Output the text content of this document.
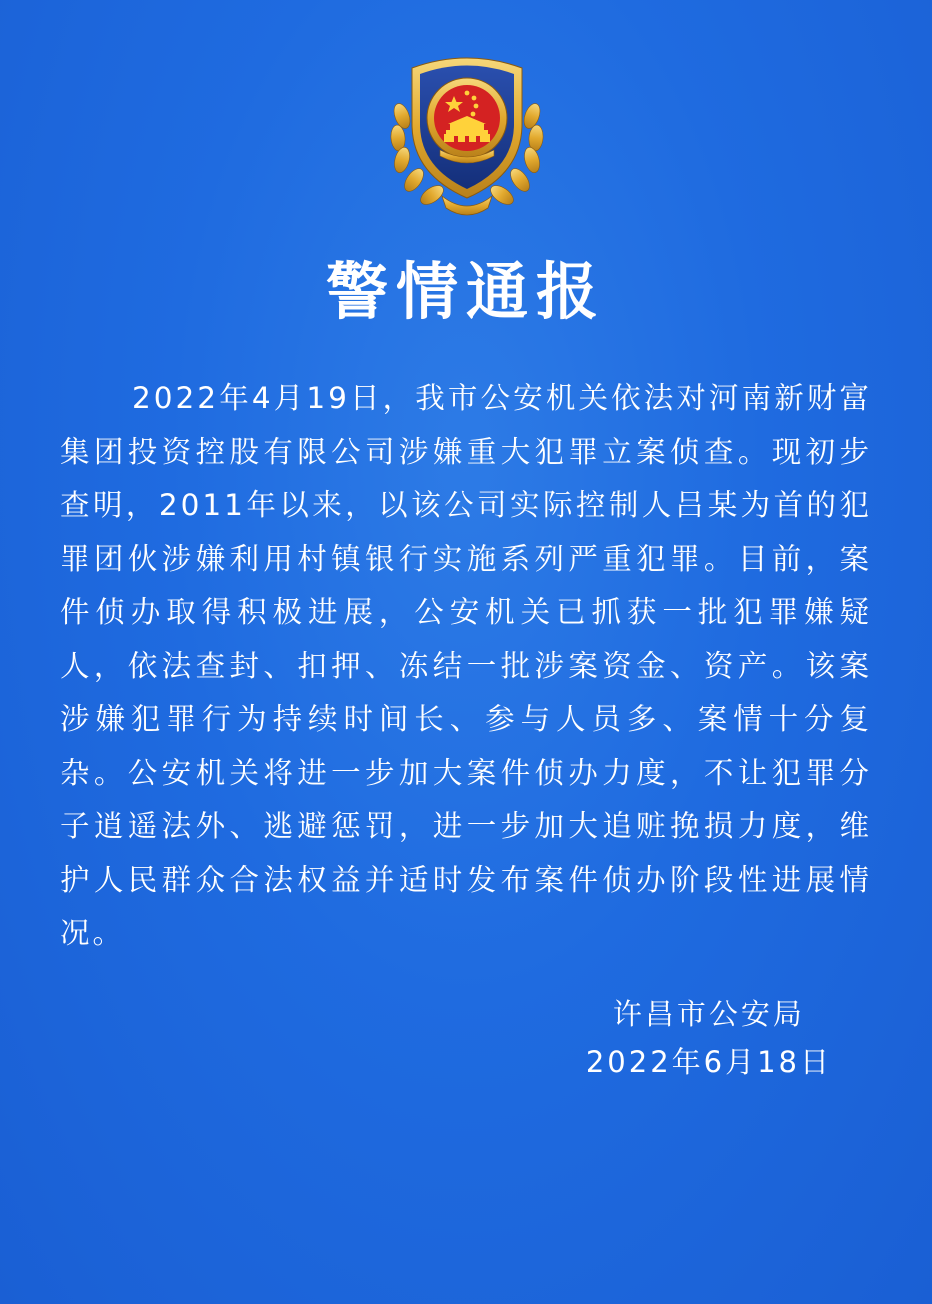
警情通报

2022年4月19日，我市公安机关依法对河南新财富集团投资控股有限公司涉嫌重大犯罪立案侦查。现初步查明，2011年以来，以该公司实际控制人吕某为首的犯罪团伙涉嫌利用村镇银行实施系列严重犯罪。目前，案件侦办取得积极进展，公安机关已抓获一批犯罪嫌疑人，依法查封、扣押、冻结一批涉案资金、资产。该案涉嫌犯罪行为持续时间长、参与人员多、案情十分复杂。公安机关将进一步加大案件侦办力度，不让犯罪分子逍遥法外、逃避惩罚，进一步加大追赃挽损力度，维护人民群众合法权益并适时发布案件侦办阶段性进展情况。

许昌市公安局
2022年6月18日
